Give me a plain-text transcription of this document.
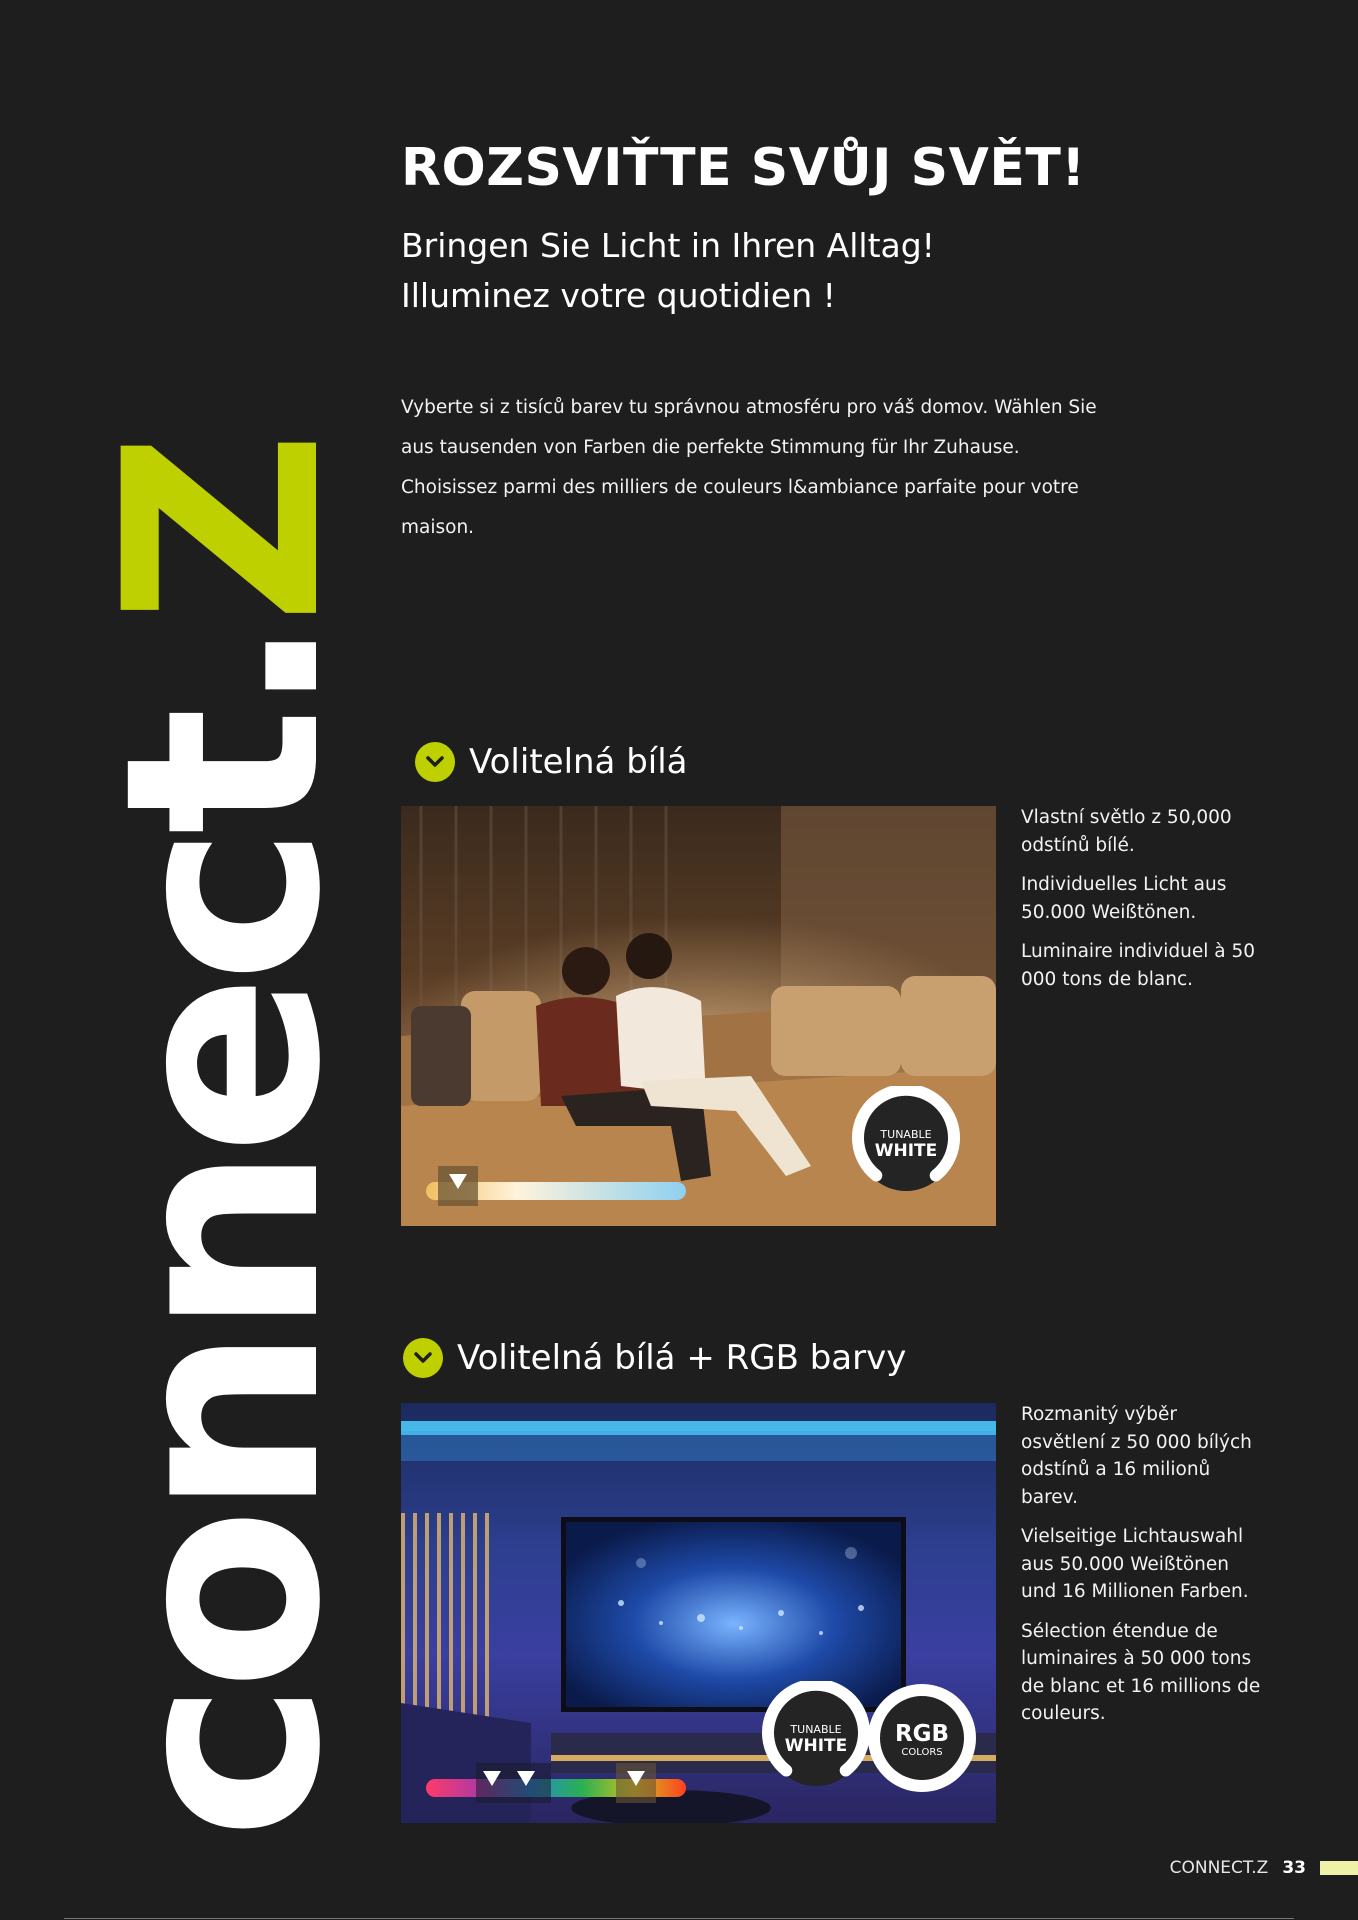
connect.Z
ROZSVIŤTE SVŮJ SVĚT!
Bringen Sie Licht in Ihren Alltag!
Illuminez votre quotidien !

Vyberte si z tisíců barev tu správnou atmosféru pro váš domov. Wählen Sie aus tausenden von Farben die perfekte Stimmung für Ihr Zuhause. Choisissez parmi des milliers de couleurs l&ambiance parfaite pour votre maison.

Volitelná bílá
TUNABLE
WHITE

Vlastní světlo z 50,000 odstínů bílé.

Individuelles Licht aus 50.000 Weißtönen.

Luminaire individuel à 50 000 tons de blanc.

Volitelná bílá + RGB barvy
TUNABLE
WHITE RGB
COLORS

Rozmanitý výběr osvětlení z 50 000 bílých odstínů a 16 milionů barev.

Vielseitige Lichtauswahl aus 50.000 Weißtönen und 16 Millionen Farben.

Sélection étendue de luminaires à 50 000 tons de blanc et 16 millions de couleurs.

CONNECT.Z 33
